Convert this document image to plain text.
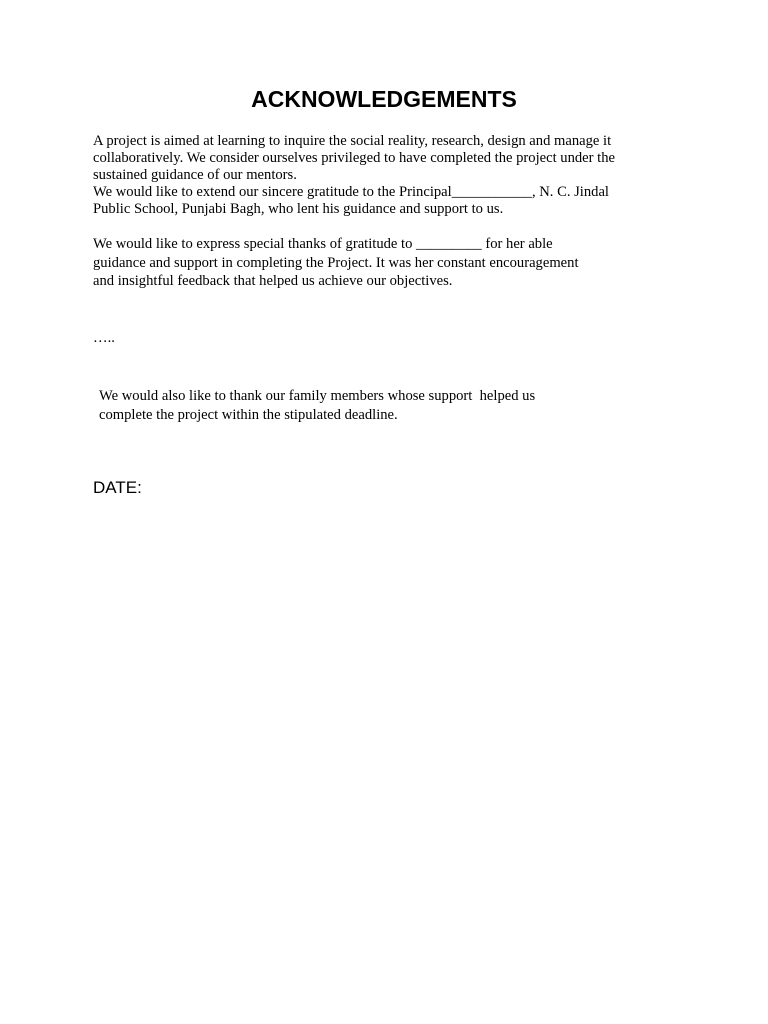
ACKNOWLEDGEMENTS

A project is aimed at learning to inquire the social reality, research, design and manage it
collaboratively. We consider ourselves privileged to have completed the project under the
sustained guidance of our mentors.

We would like to extend our sincere gratitude to the Principal___________, N. C. Jindal
Public School, Punjabi Bagh, who lent his guidance and support to us.

We would like to express special thanks of gratitude to _________ for her able
guidance and support in completing the Project. It was her constant encouragement
and insightful feedback that helped us achieve our objectives.

…..

We would also like to thank our family members whose support  helped us
complete the project within the stipulated deadline.

DATE:
